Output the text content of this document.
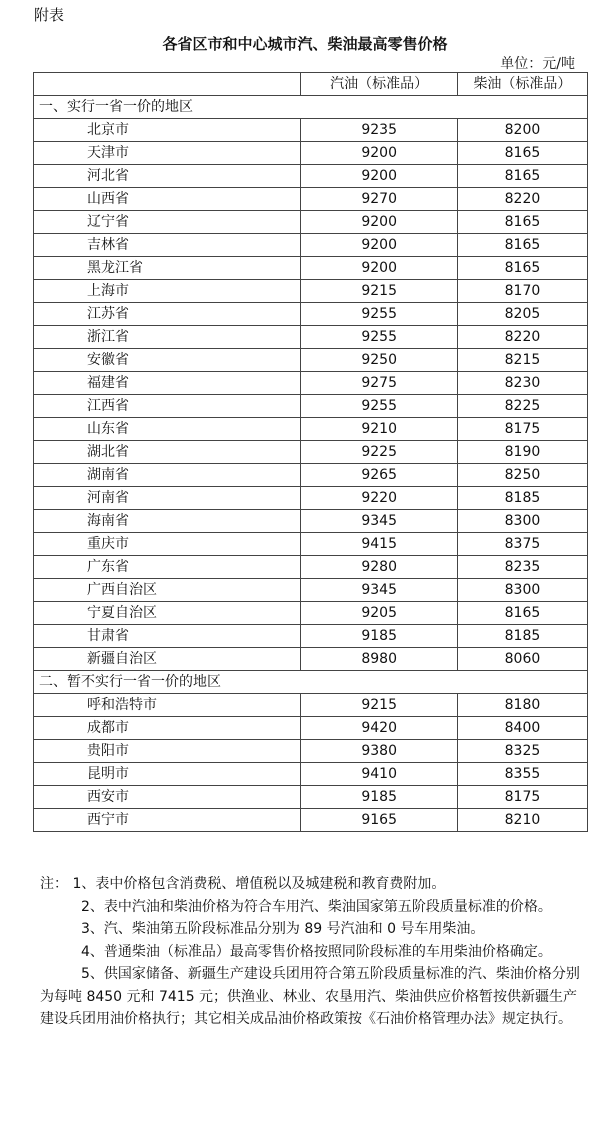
附表
各省区市和中心城市汽、柴油最高零售价格
单位：元/吨
	汽油（标准品）	柴油（标准品）
一、实行一省一价的地区		
北京市	9235	8200
天津市	9200	8165
河北省	9200	8165
山西省	9270	8220
辽宁省	9200	8165
吉林省	9200	8165
黑龙江省	9200	8165
上海市	9215	8170
江苏省	9255	8205
浙江省	9255	8220
安徽省	9250	8215
福建省	9275	8230
江西省	9255	8225
山东省	9210	8175
湖北省	9225	8190
湖南省	9265	8250
河南省	9220	8185
海南省	9345	8300
重庆市	9415	8375
广东省	9280	8235
广西自治区	9345	8300
宁夏自治区	9205	8165
甘肃省	9185	8185
新疆自治区	8980	8060
二、暂不实行一省一价的地区		
呼和浩特市	9215	8180
成都市	9420	8400
贵阳市	9380	8325
昆明市	9410	8355
西安市	9185	8175
西宁市	9165	8210

注： 1、表中价格包含消费税、增值税以及城建税和教育费附加。

2、表中汽油和柴油价格为符合车用汽、柴油国家第五阶段质量标准的价格。

3、汽、柴油第五阶段标准品分别为 89 号汽油和 0 号车用柴油。

4、普通柴油（标准品）最高零售价格按照同阶段标准的车用柴油价格确定。

5、供国家储备、新疆生产建设兵团用符合第五阶段质量标准的汽、柴油价格分别为每吨 8450 元和 7415 元；供渔业、林业、农垦用汽、柴油供应价格暂按供新疆生产建设兵团用油价格执行；其它相关成品油价格政策按《石油价格管理办法》规定执行。
